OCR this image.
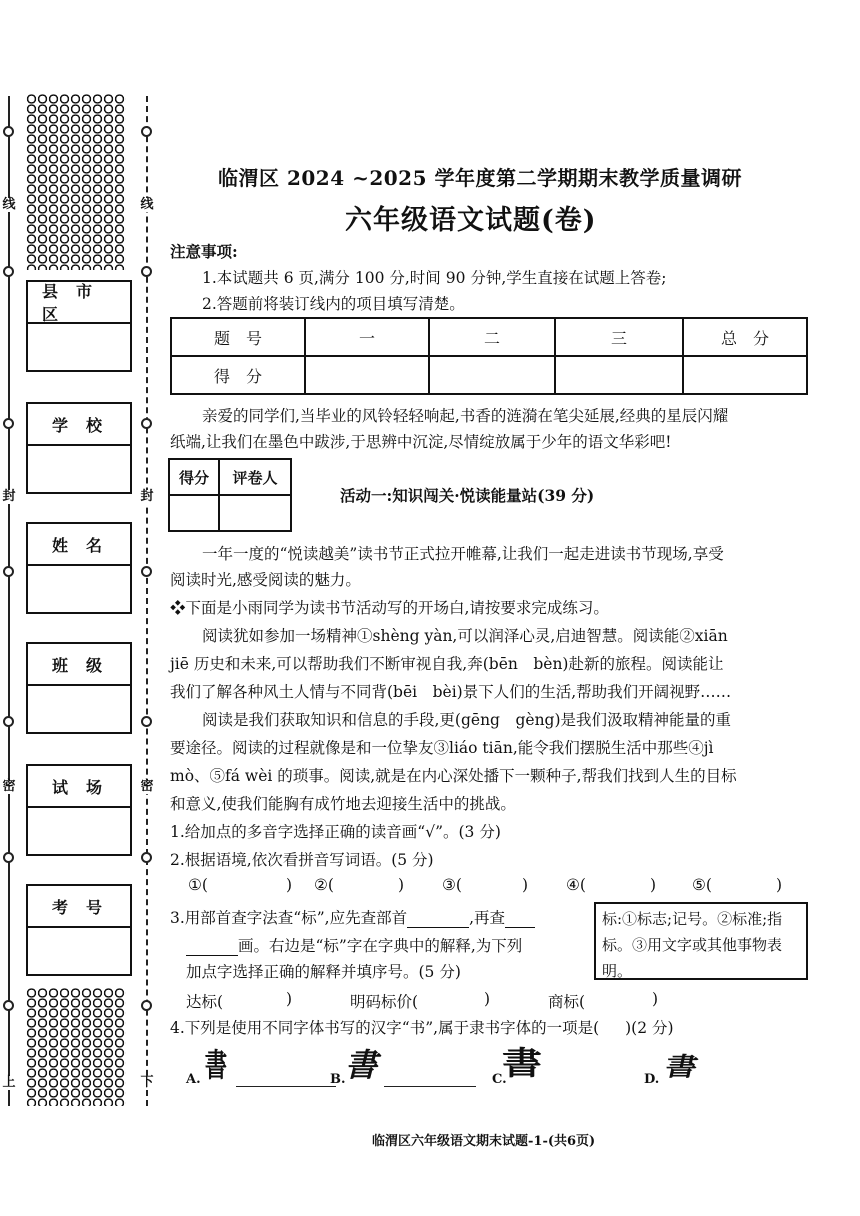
线	线
封	封
密	密
上	下
县市区
学校
姓名
班级
试场
考号
临渭区 2024 ~2025 学年度第二学期期末教学质量调研
六年级语文试题(卷)
注意事项:
1.本试题共 6 页,满分 100 分,时间 90 分钟,学生直接在试题上答卷;
2.答题前将装订线内的项目填写清楚。
题　号	一	二	三	总　分
得　分				
亲爱的同学们,当毕业的风铃轻轻响起,书香的涟漪在笔尖延展,经典的星辰闪耀
纸端,让我们在墨色中跋涉,于思辨中沉淀,尽情绽放属于少年的语文华彩吧!
得分	评卷人

活动一:知识闯关·悦读能量站(39 分)
一年一度的“悦读越美”读书节正式拉开帷幕,让我们一起走进读书节现场,享受
阅读时光,感受阅读的魅力。
❖下面是小雨同学为读书节活动写的开场白,请按要求完成练习。
阅读犹如参加一场精神①shèng yàn,可以润泽心灵,启迪智慧。阅读能②xiān
jiē 历史和未来,可以帮助我们不断审视自我,奔(bēn　bèn)赴新的旅程。阅读能让
我们了解各种风土人情与不同背(bēi　bèi)景下人们的生活,帮助我们开阔视野……
阅读是我们获取知识和信息的手段,更(gēng　gèng)是我们汲取精神能量的重
要途径。阅读的过程就像是和一位挚友③liáo tiān,能令我们摆脱生活中那些④jì
mò、⑤fá wèi 的琐事。阅读,就是在内心深处播下一颗种子,帮我们找到人生的目标
和意义,使我们能胸有成竹地去迎接生活中的挑战。
1.给加点的多音字选择正确的读音画“√”。(3 分)
2.根据语境,依次看拼音写词语。(5 分)
①(	) ②(	) ③(	) ④(	) ⑤(	)
3.用部首查字法查“标”,应先查部首	,再查
画。右边是“标”字在字典中的解释,为下列
加点字选择正确的解释并填序号。(5 分)
标:①标志;记号。②标准;指标。③用文字或其他事物表明。
达标(	)	明码标价(	)	商标(	)
4.下列是使用不同字体书写的汉字“书”,属于隶书字体的一项是( )(2 分)
A. 書	B. 書	C.
書	D. 書
临渭区六年级语文期末试题-1-(共6页)
